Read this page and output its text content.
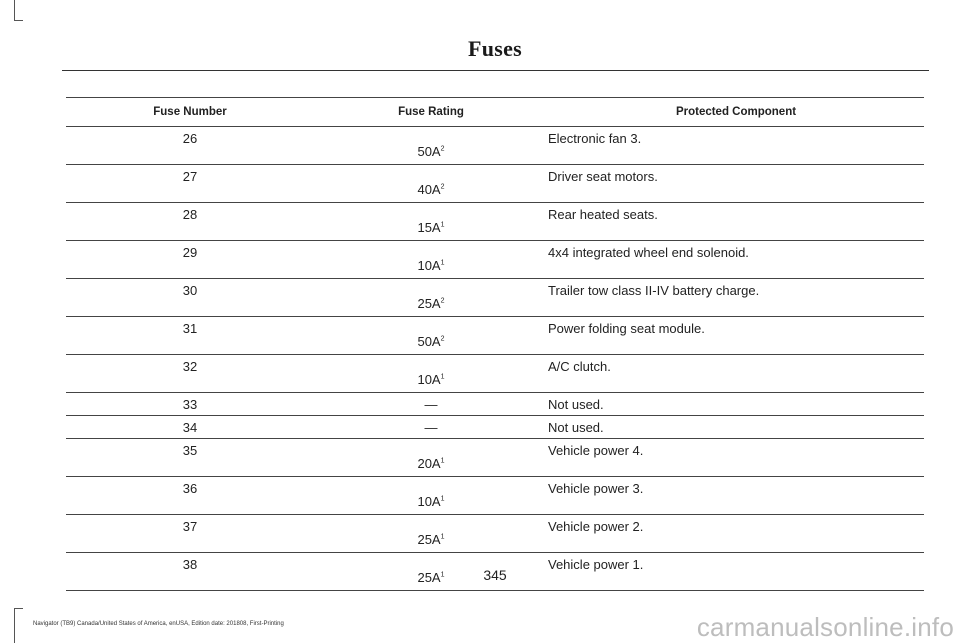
Fuses
Fuse Number	Fuse Rating	Protected Component
26	50A$^2$	Electronic fan 3.
27	40A$^2$	Driver seat motors.
28	15A$^1$	Rear heated seats.
29	10A$^1$	4x4 integrated wheel end solenoid.
30	25A$^2$	Trailer tow class II-IV battery charge.
31	50A$^2$	Power folding seat module.
32	10A$^1$	A/C clutch.
33	—	Not used.
34	—	Not used.
35	20A$^1$	Vehicle power 4.
36	10A$^1$	Vehicle power 3.
37	25A$^1$	Vehicle power 2.
38	25A$^1$	Vehicle power 1.
345
Navigator (TB9) Canada/United States of America, enUSA, Edition date: 201808, First-Printing	carmanualsonline.info
